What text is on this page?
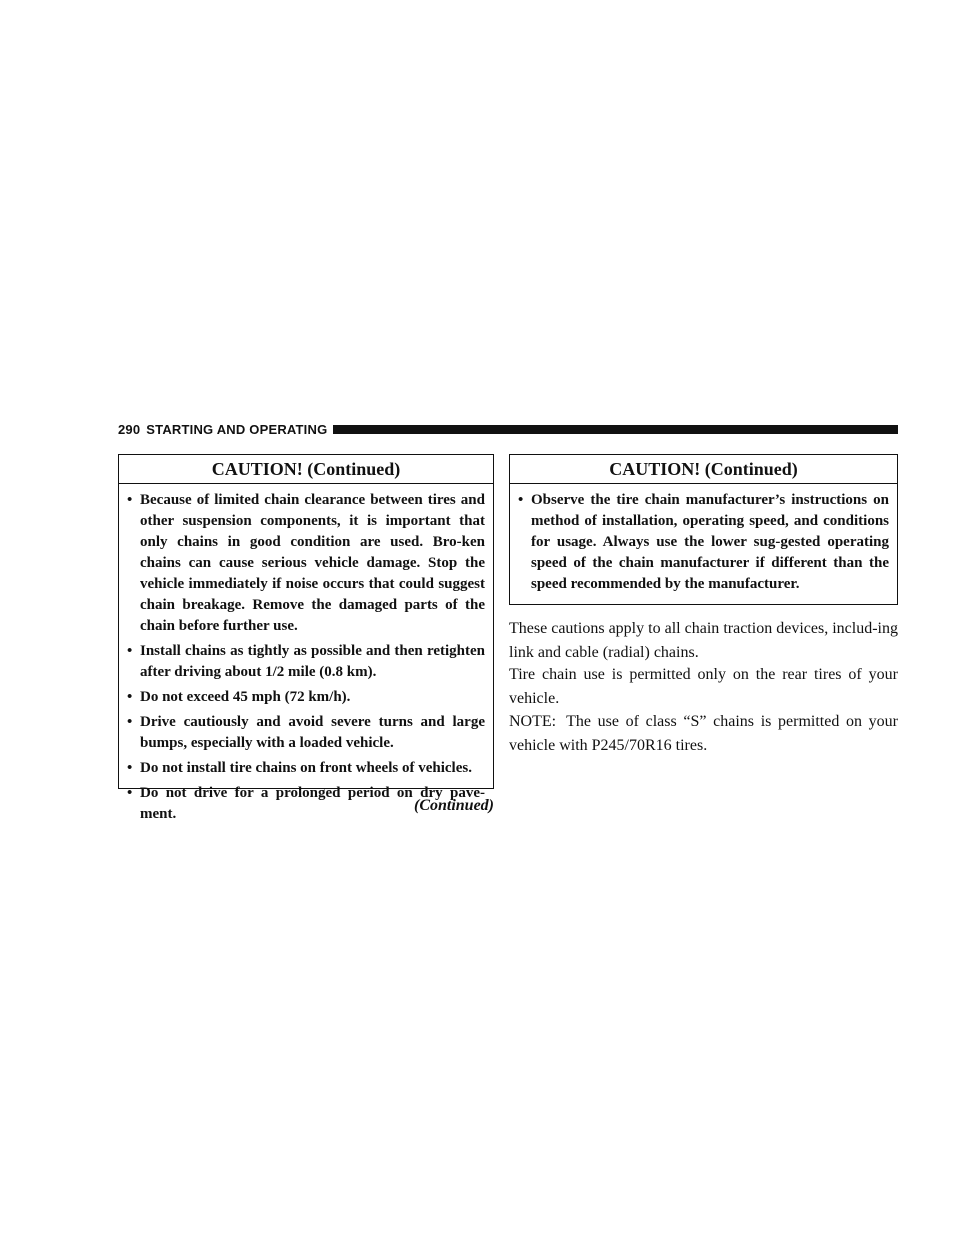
290 STARTING AND OPERATING
CAUTION! (Continued)
• Because of limited chain clearance between tires and other suspension components, it is important that only chains in good condition are used. Bro-ken chains can cause serious vehicle damage. Stop the vehicle immediately if noise occurs that could suggest chain breakage. Remove the damaged parts of the chain before further use.
• Install chains as tightly as possible and then retighten after driving about 1/2 mile (0.8 km).
• Do not exceed 45 mph (72 km/h).
• Drive cautiously and avoid severe turns and large bumps, especially with a loaded vehicle.
• Do not install tire chains on front wheels of vehicles.
• Do not drive for a prolonged period on dry pave-ment.	(Continued)
CAUTION! (Continued)
• Observe the tire chain manufacturer’s instructions on method of installation, operating speed, and conditions for usage. Always use the lower sug-gested operating speed of the chain manufacturer if different than the speed recommended by the manufacturer.

These cautions apply to all chain traction devices, includ-ing link and cable (radial) chains.

Tire chain use is permitted only on the rear tires of your vehicle.

NOTE: The use of class “S” chains is permitted on your vehicle with P245/70R16 tires.
